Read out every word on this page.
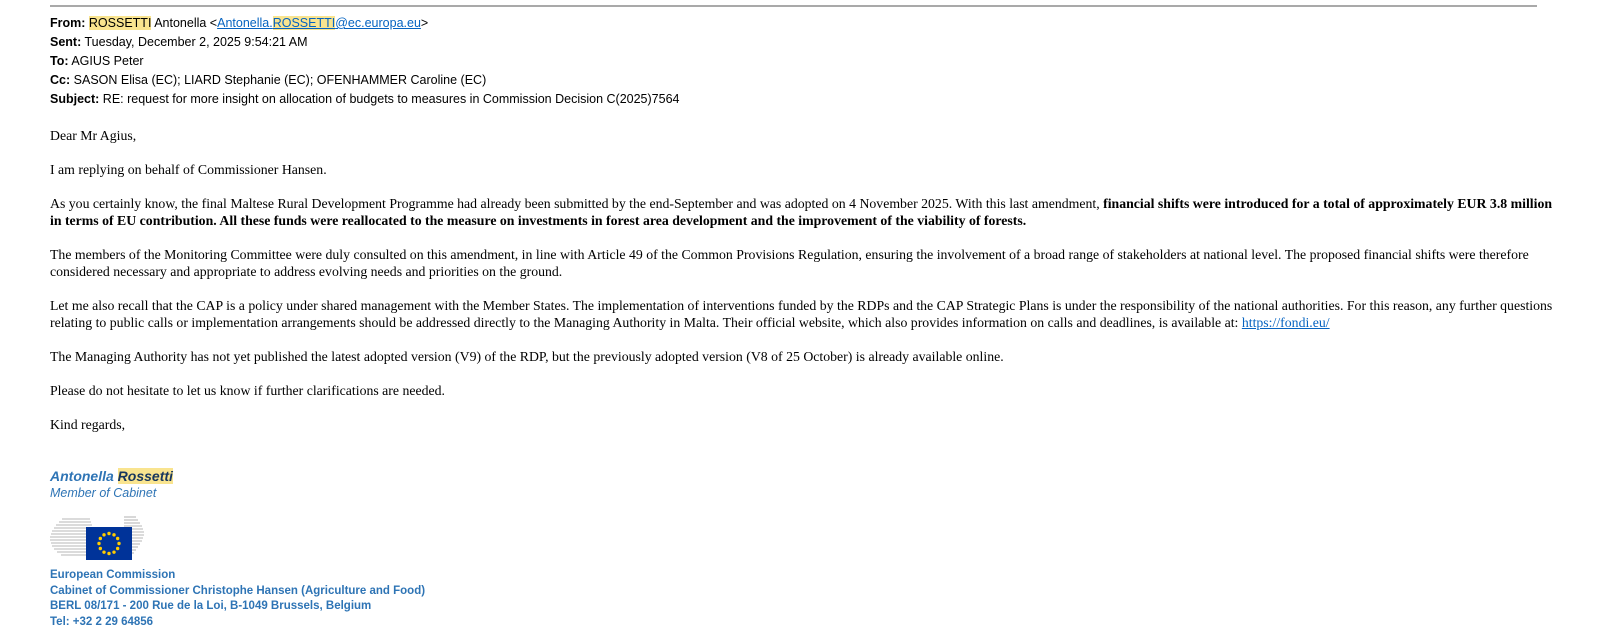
From: ROSSETTI Antonella <Antonella.ROSSETTI@ec.europa.eu>
Sent: Tuesday, December 2, 2025 9:54:21 AM
To: AGIUS Peter
Cc: SASON Elisa (EC); LIARD Stephanie (EC); OFENHAMMER Caroline (EC)
Subject: RE: request for more insight on allocation of budgets to measures in Commission Decision C(2025)7564

Dear Mr Agius,

I am replying on behalf of Commissioner Hansen.

As you certainly know, the final Maltese Rural Development Programme had already been submitted by the end-September and was adopted on 4 November 2025. With this last amendment, financial shifts were introduced for a total of approximately EUR 3.8 million in terms of EU contribution. All these funds were reallocated to the measure on investments in forest area development and the improvement of the viability of forests.

The members of the Monitoring Committee were duly consulted on this amendment, in line with Article 49 of the Common Provisions Regulation, ensuring the involvement of a broad range of stakeholders at national level. The proposed financial shifts were therefore considered necessary and appropriate to address evolving needs and priorities on the ground.

Let me also recall that the CAP is a policy under shared management with the Member States. The implementation of interventions funded by the RDPs and the CAP Strategic Plans is under the responsibility of the national authorities. For this reason, any further questions relating to public calls or implementation arrangements should be addressed directly to the Managing Authority in Malta. Their official website, which also provides information on calls and deadlines, is available at: https://fondi.eu/

The Managing Authority has not yet published the latest adopted version (V9) of the RDP, but the previously adopted version (V8 of 25 October) is already available online.

Please do not hesitate to let us know if further clarifications are needed.

Kind regards,

Antonella Rossetti
Member of Cabinet
European Commission
Cabinet of Commissioner Christophe Hansen (Agriculture and Food)
BERL 08/171 - 200 Rue de la Loi, B-1049 Brussels, Belgium
Tel: +32 2 29 64856
